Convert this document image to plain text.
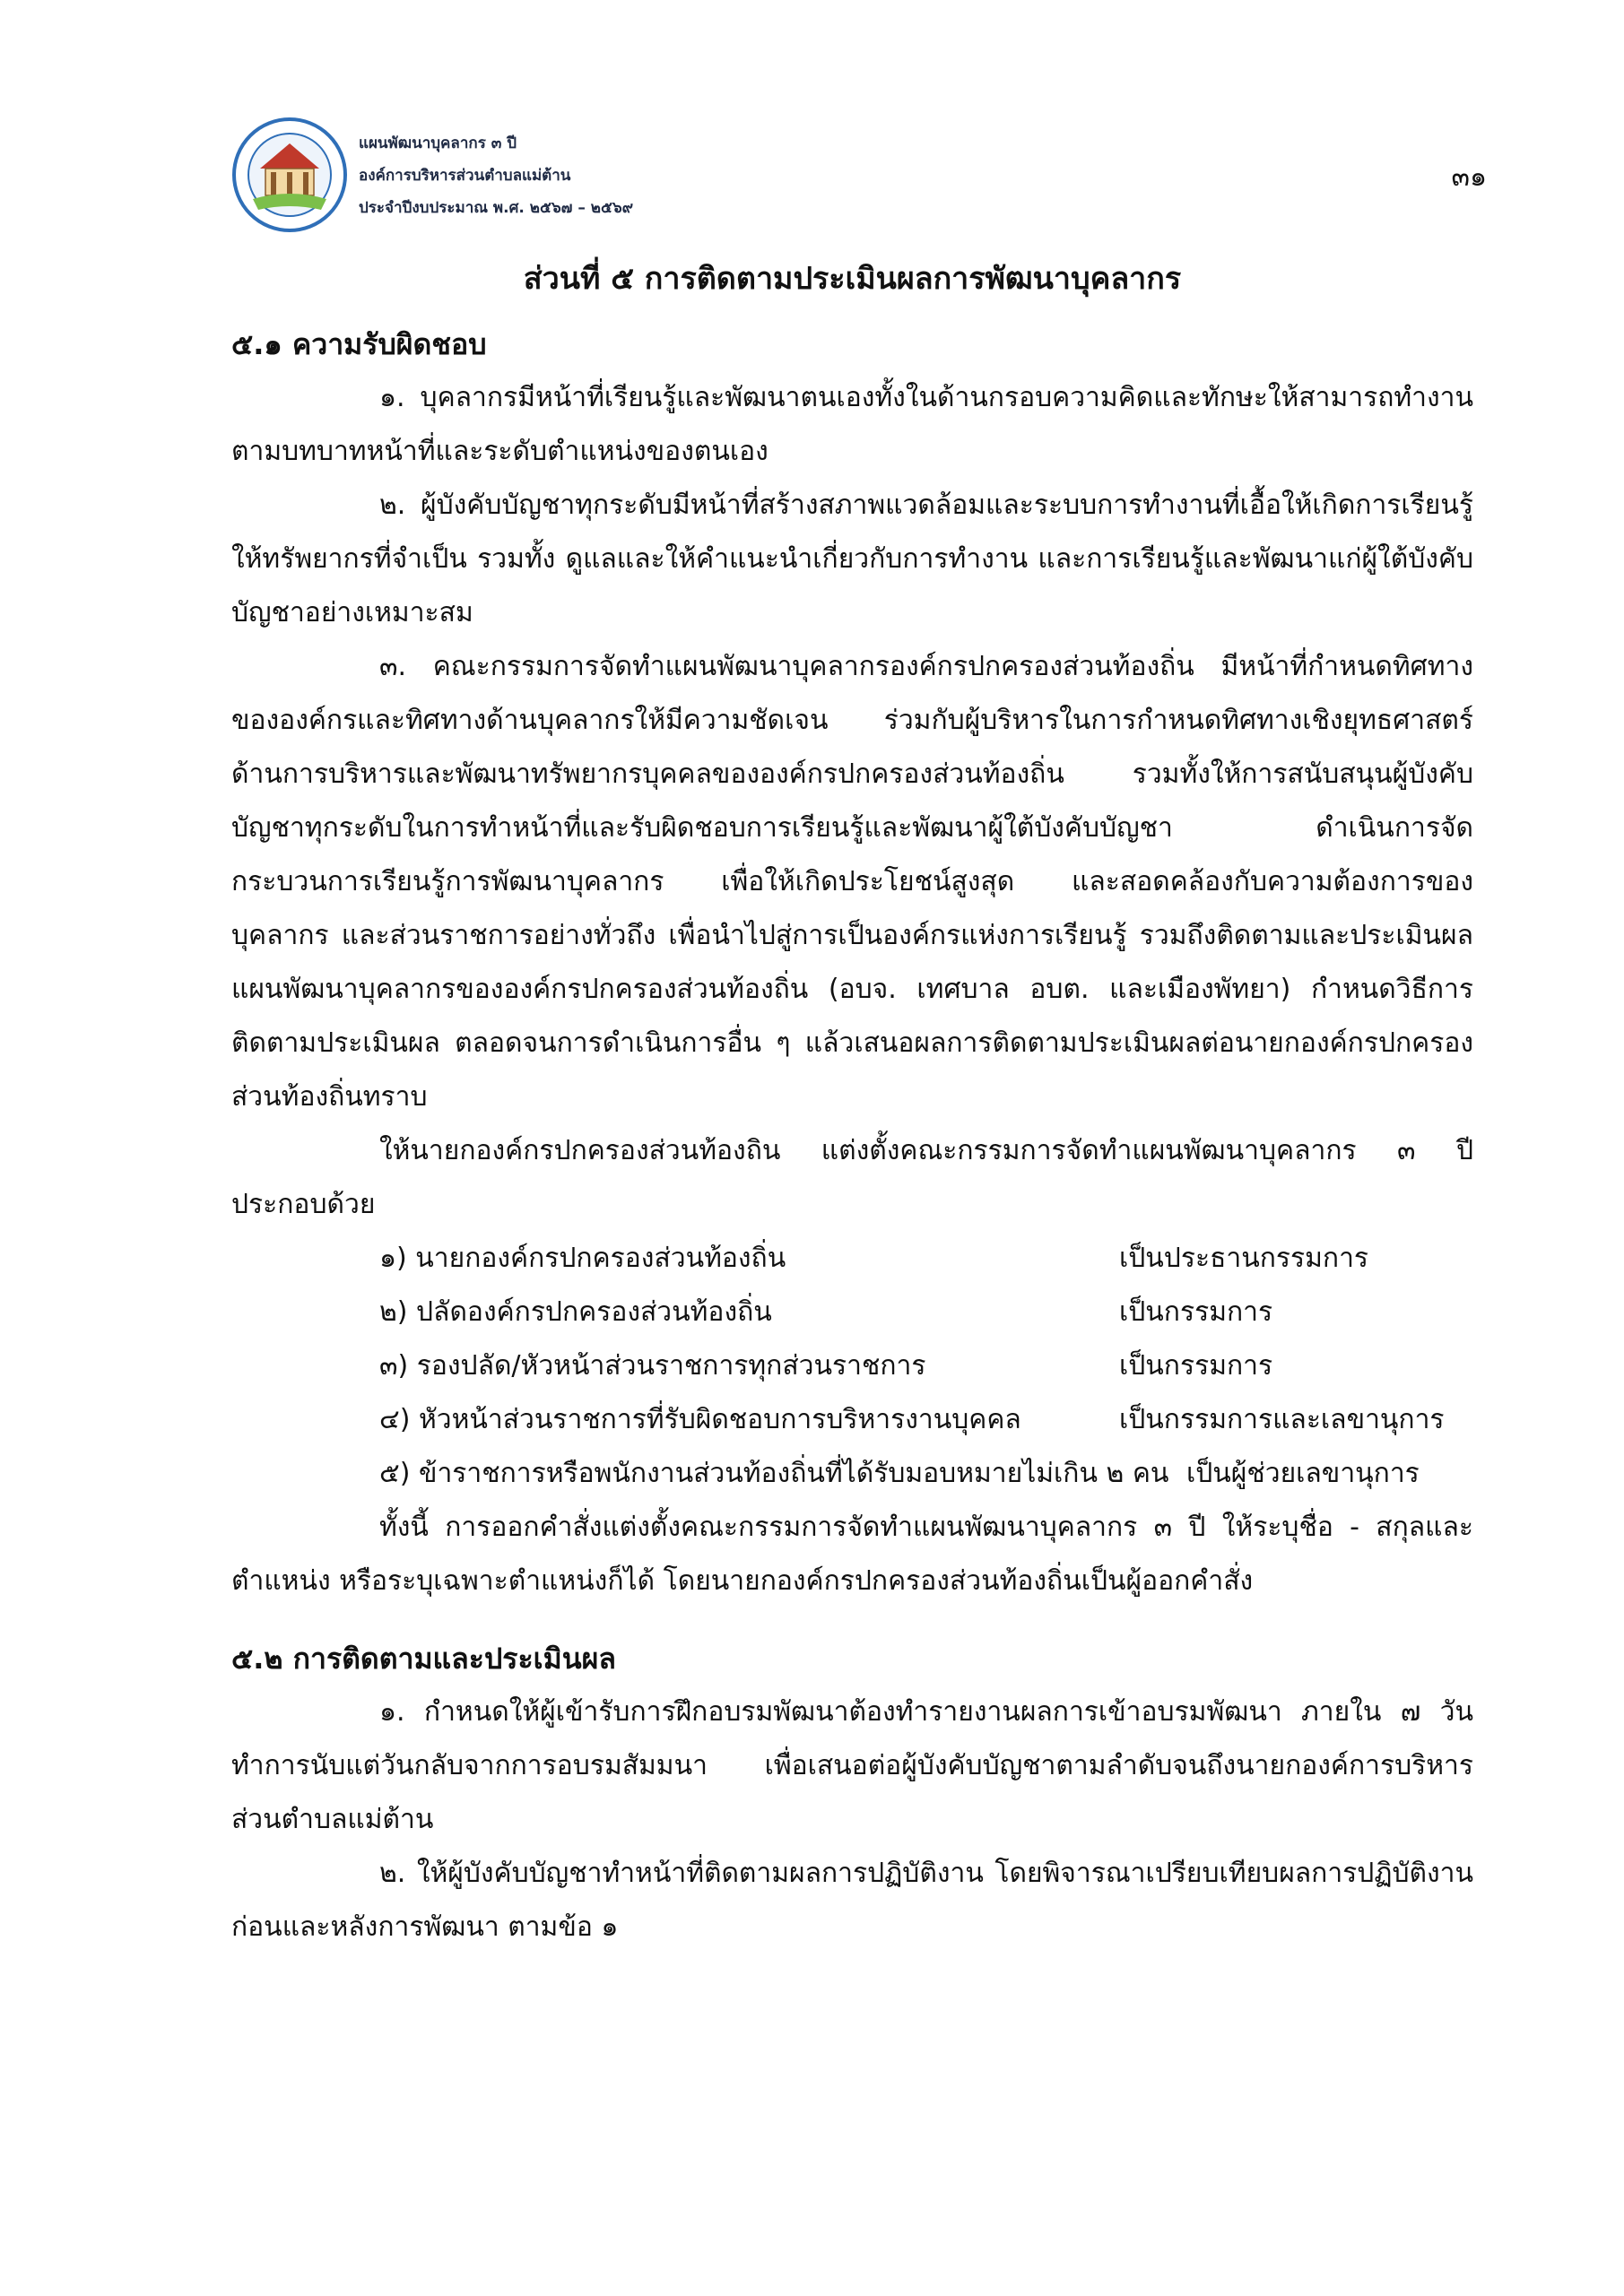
แผนพัฒนาบุคลากร ๓ ปี
องค์การบริหารส่วนตำบลแม่ต้าน
ประจำปีงบประมาณ พ.ศ. ๒๕๖๗ – ๒๕๖๙
๓๑
ส่วนที่ ๕ การติดตามประเมินผลการพัฒนาบุคลากร
๕.๑ ความรับผิดชอบ

๑. บุคลากรมีหน้าที่เรียนรู้และพัฒนาตนเองทั้งในด้านกรอบความคิดและทักษะให้สามารถทำงานตามบทบาทหน้าที่และระดับตำแหน่งของตนเอง

๒. ผู้บังคับบัญชาทุกระดับมีหน้าที่สร้างสภาพแวดล้อมและระบบการทำงานที่เอื้อให้เกิดการเรียนรู้ให้ทรัพยากรที่จำเป็น รวมทั้ง ดูแลและให้คำแนะนำเกี่ยวกับการทำงาน และการเรียนรู้และพัฒนาแก่ผู้ใต้บังคับบัญชาอย่างเหมาะสม

๓. คณะกรรมการจัดทำแผนพัฒนาบุคลากรองค์กรปกครองส่วนท้องถิ่น มีหน้าที่กำหนดทิศทางขององค์กรและทิศทางด้านบุคลากรให้มีความชัดเจน ร่วมกับผู้บริหารในการกำหนดทิศทางเชิงยุทธศาสตร์ด้านการบริหารและพัฒนาทรัพยากรบุคคลขององค์กรปกครองส่วนท้องถิ่น รวมทั้งให้การสนับสนุนผู้บังคับบัญชาทุกระดับในการทำหน้าที่และรับผิดชอบการเรียนรู้และพัฒนาผู้ใต้บังคับบัญชา ดำเนินการจัดกระบวนการเรียนรู้การพัฒนาบุคลากร เพื่อให้เกิดประโยชน์สูงสุด และสอดคล้องกับความต้องการของบุคลากร และส่วนราชการอย่างทั่วถึง เพื่อนำไปสู่การเป็นองค์กรแห่งการเรียนรู้ รวมถึงติดตามและประเมินผลแผนพัฒนาบุคลากรขององค์กรปกครองส่วนท้องถิ่น (อบจ. เทศบาล อบต. และเมืองพัทยา) กำหนดวิธีการติดตามประเมินผล ตลอดจนการดำเนินการอื่น ๆ แล้วเสนอผลการติดตามประเมินผลต่อนายกองค์กรปกครองส่วนท้องถิ่นทราบ

ให้นายกองค์กรปกครองส่วนท้องถิน แต่งตั้งคณะกรรมการจัดทำแผนพัฒนาบุคลากร ๓ ปี ประกอบด้วย

๑) นายกองค์กรปกครองส่วนท้องถิ่น	เป็นประธานกรรมการ
๒) ปลัดองค์กรปกครองส่วนท้องถิ่น	เป็นกรรมการ
๓) รองปลัด/หัวหน้าส่วนราชการทุกส่วนราชการ	เป็นกรรมการ
๔) หัวหน้าส่วนราชการที่รับผิดชอบการบริหารงานบุคคล	เป็นกรรมการและเลขานุการ
๕) ข้าราชการหรือพนักงานส่วนท้องถิ่นที่ได้รับมอบหมายไม่เกิน ๒ คน เป็นผู้ช่วยเลขานุการ

ทั้งนี้ การออกคำสั่งแต่งตั้งคณะกรรมการจัดทำแผนพัฒนาบุคลากร ๓ ปี ให้ระบุชื่อ - สกุลและตำแหน่ง หรือระบุเฉพาะตำแหน่งก็ได้ โดยนายกองค์กรปกครองส่วนท้องถิ่นเป็นผู้ออกคำสั่ง

๕.๒ การติดตามและประเมินผล

๑. กำหนดให้ผู้เข้ารับการฝึกอบรมพัฒนาต้องทำรายงานผลการเข้าอบรมพัฒนา ภายใน ๗ วันทำการนับแต่วันกลับจากการอบรมสัมมนา เพื่อเสนอต่อผู้บังคับบัญชาตามลำดับจนถึงนายกองค์การบริหารส่วนตำบลแม่ต้าน

๒. ให้ผู้บังคับบัญชาทำหน้าที่ติดตามผลการปฏิบัติงาน โดยพิจารณาเปรียบเทียบผลการปฏิบัติงานก่อนและหลังการพัฒนา ตามข้อ ๑
